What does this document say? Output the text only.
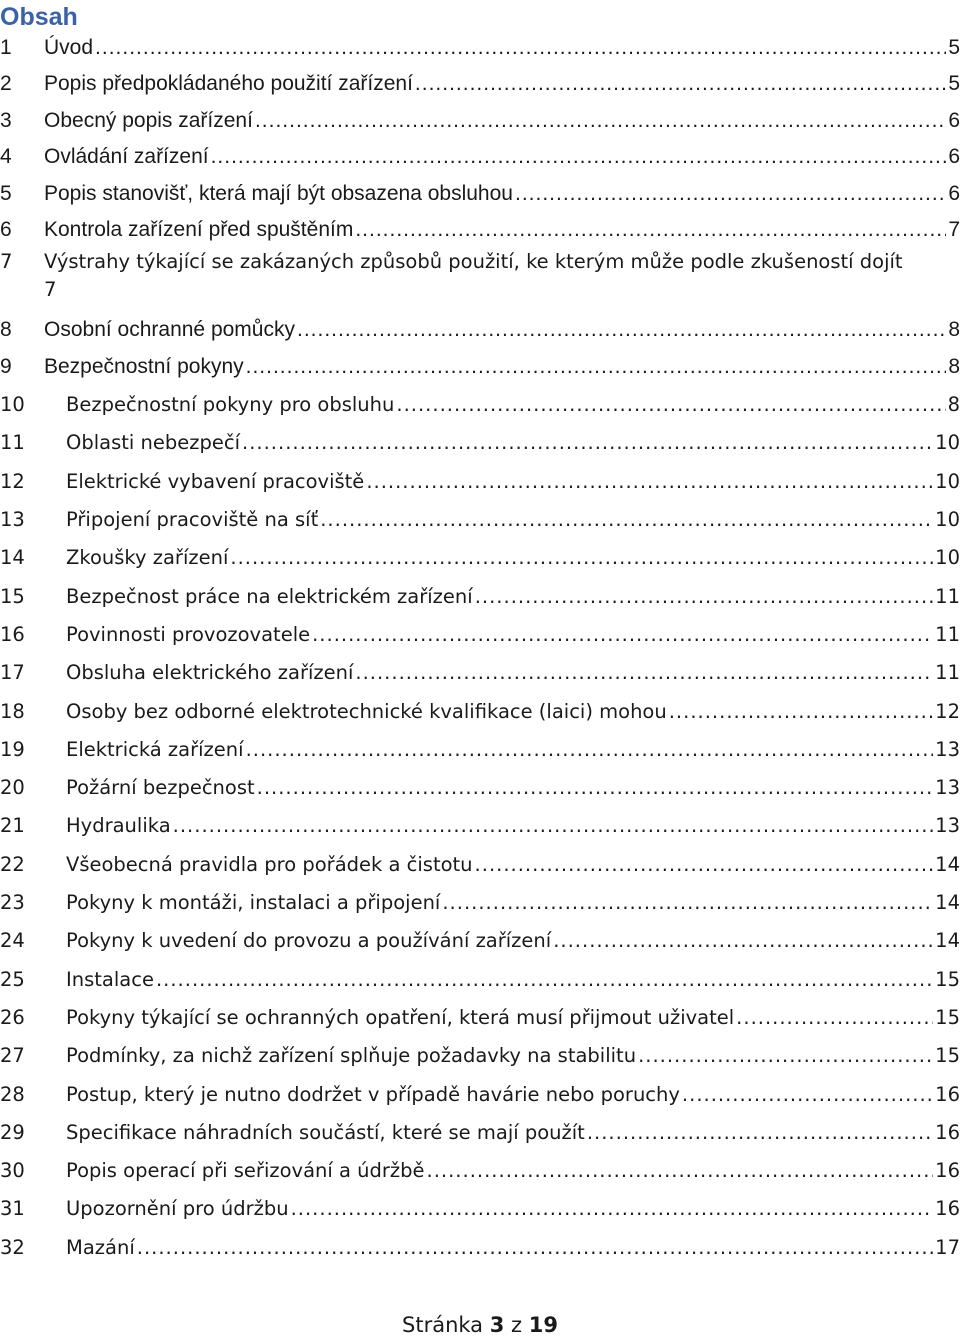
Obsah
1	Úvod .....	5
2	Popis předpokládaného použití zařízení .....	5
3	Obecný popis zařízení .....	6
4	Ovládání zařízení .....	6
5	Popis stanovišť, která mají být obsazena obsluhou .....	6
6	Kontrola zařízení před spuštěním .....	7
7 Výstrahy týkající se zakázaných způsobů použití, ke kterým může podle zkušeností dojít
7
8	Osobní ochranné pomůcky .....	8
9	Bezpečnostní pokyny .....	8
10	Bezpečnostní pokyny pro obsluhu .....	8
11	Oblasti nebezpečí .....	10
12	Elektrické vybavení pracoviště .....	10
13	Připojení pracoviště na síť .....	10
14	Zkoušky zařízení .....	10
15	Bezpečnost práce na elektrickém zařízení .....	11
16	Povinnosti provozovatele .....	11
17	Obsluha elektrického zařízení .....	11
18	Osoby bez odborné elektrotechnické kvalifikace (laici) mohou .....	12
19	Elektrická zařízení .....	13
20	Požární bezpečnost .....	13
21	Hydraulika .....	13
22	Všeobecná pravidla pro pořádek a čistotu .....	14
23	Pokyny k montáži, instalaci a připojení .....	14
24	Pokyny k uvedení do provozu a používání zařízení .....	14
25	Instalace .....	15
26	Pokyny týkající se ochranných opatření, která musí přijmout uživatel .....	15
27	Podmínky, za nichž zařízení splňuje požadavky na stabilitu .....	15
28	Postup, který je nutno dodržet v případě havárie nebo poruchy .....	16
29	Specifikace náhradních součástí, které se mají použít .....	16
30	Popis operací při seřizování a údržbě .....	16
31	Upozornění pro údržbu .....	16
32	Mazání .....	17
Stránka 3 z 19
